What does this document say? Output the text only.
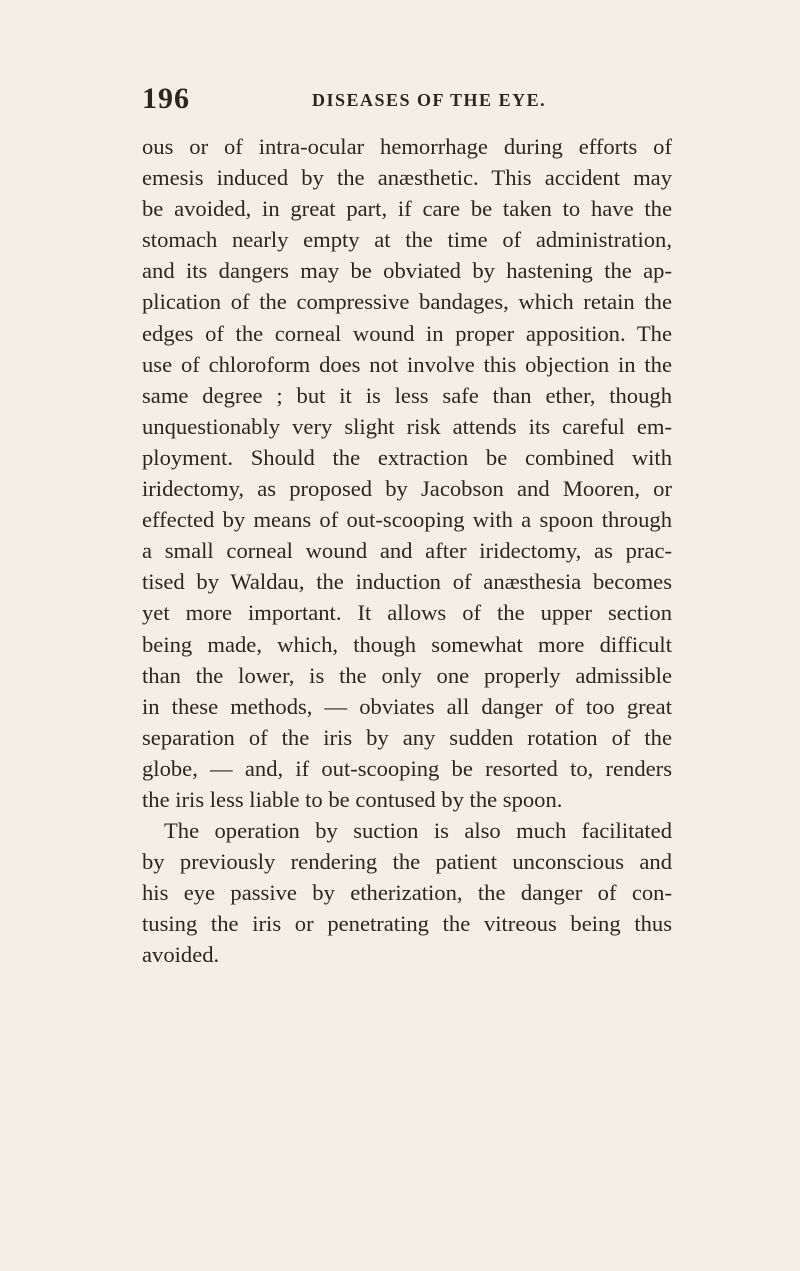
196	DISEASES OF THE EYE.
ous or of intra-ocular hemorrhage during efforts of
emesis induced by the anæsthetic. This accident may
be avoided, in great part, if care be taken to have the
stomach nearly empty at the time of administration,
and its dangers may be obviated by hastening the ap-
plication of the compressive bandages, which retain the
edges of the corneal wound in proper apposition. The
use of chloroform does not involve this objection in the
same degree ; but it is less safe than ether, though
unquestionably very slight risk attends its careful em-
ployment. Should the extraction be combined with
iridectomy, as proposed by Jacobson and Mooren, or
effected by means of out-scooping with a spoon through
a small corneal wound and after iridectomy, as prac-
tised by Waldau, the induction of anæsthesia becomes
yet more important. It allows of the upper section
being made, which, though somewhat more difficult
than the lower, is the only one properly admissible
in these methods, — obviates all danger of too great
separation of the iris by any sudden rotation of the
globe, — and, if out-scooping be resorted to, renders
the iris less liable to be contused by the spoon.
The operation by suction is also much facilitated
by previously rendering the patient unconscious and
his eye passive by etherization, the danger of con-
tusing the iris or penetrating the vitreous being thus
avoided.
